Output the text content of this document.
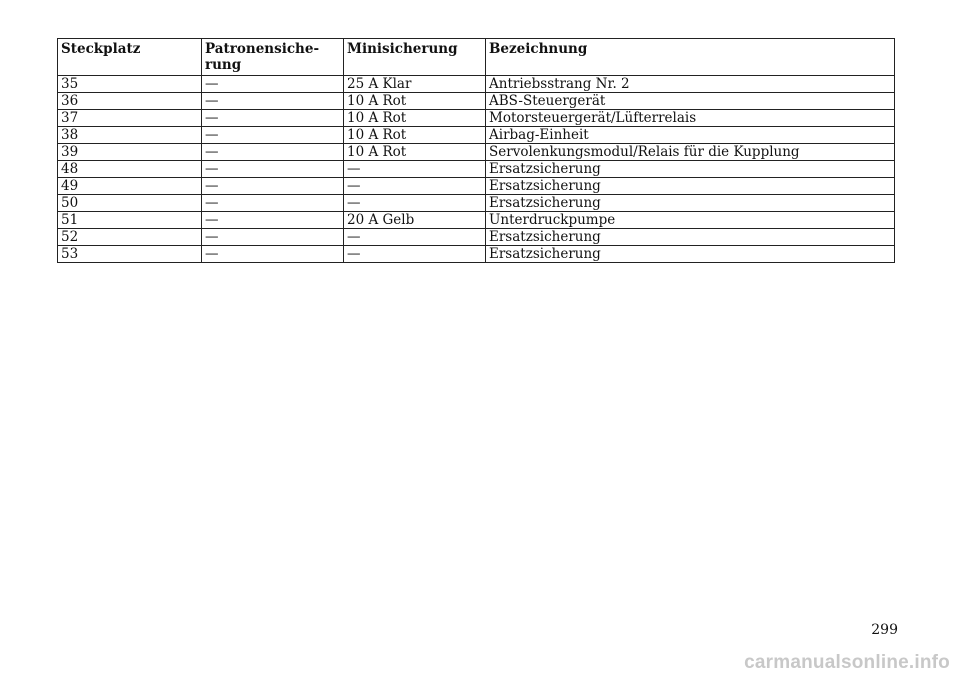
Steckplatz	Patronensiche-rung	Minisicherung	Bezeichnung
35	—	25 A Klar	Antriebsstrang Nr. 2
36	—	10 A Rot	ABS-Steuergerät
37	—	10 A Rot	Motorsteuergerät/Lüfterrelais
38	—	10 A Rot	Airbag-Einheit
39	—	10 A Rot	Servolenkungsmodul/Relais für die Kupplung
48	—	—	Ersatzsicherung
49	—	—	Ersatzsicherung
50	—	—	Ersatzsicherung
51	—	20 A Gelb	Unterdruckpumpe
52	—	—	Ersatzsicherung
53	—	—	Ersatzsicherung
299
carmanualsonline.info
